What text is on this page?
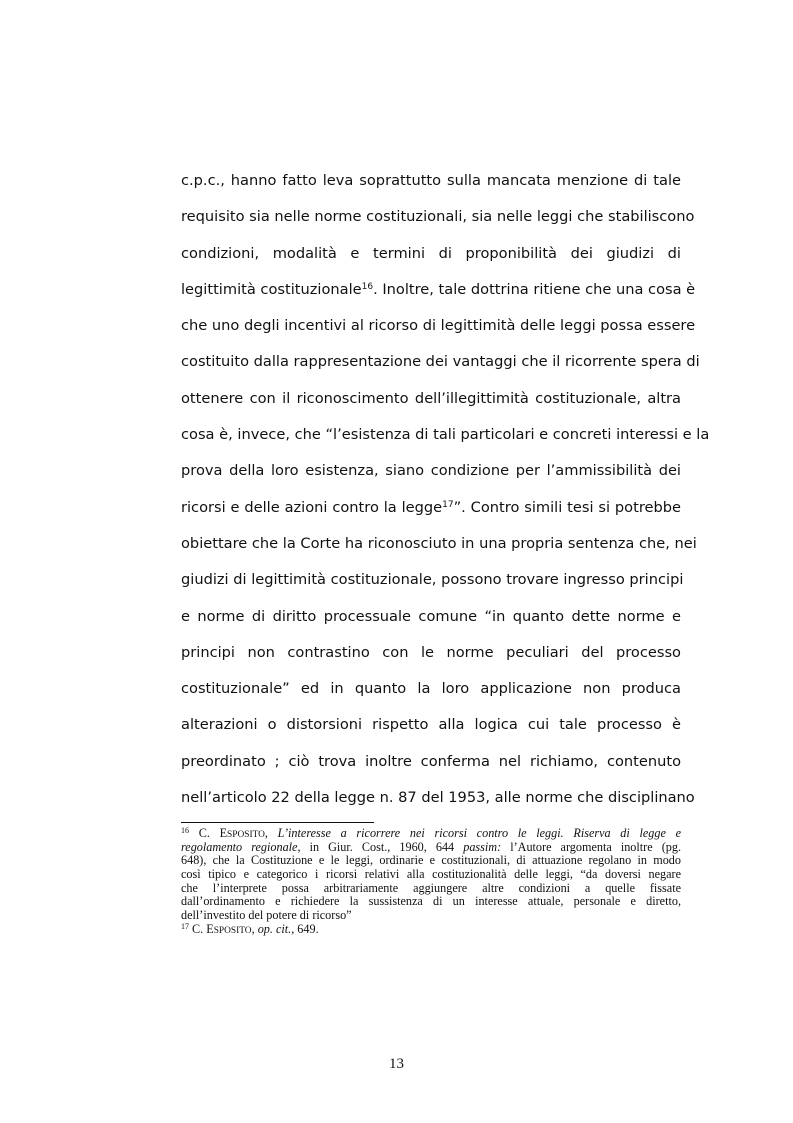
c.p.c., hanno fatto leva soprattutto sulla mancata menzione di tale
requisito sia nelle norme costituzionali, sia nelle leggi che stabiliscono
condizioni, modalità e termini di proponibilità dei giudizi di
legittimità costituzionale$^{16}$. Inoltre, tale dottrina ritiene che una cosa è
che uno degli incentivi al ricorso di legittimità delle leggi possa essere
costituito dalla rappresentazione dei vantaggi che il ricorrente spera di
ottenere con il riconoscimento dell’illegittimità costituzionale, altra
cosa è, invece, che “l’esistenza di tali particolari e concreti interessi e la
prova della loro esistenza, siano condizione per l’ammissibilità dei
ricorsi e delle azioni contro la legge$^{17}$”. Contro simili tesi si potrebbe
obiettare che la Corte ha riconosciuto in una propria sentenza che, nei
giudizi di legittimità costituzionale, possono trovare ingresso principi
e norme di diritto processuale comune “in quanto dette norme e
principi non contrastino con le norme peculiari del processo
costituzionale” ed in quanto la loro applicazione non produca
alterazioni o distorsioni rispetto alla logica cui tale processo è
preordinato ; ciò trova inoltre conferma nel richiamo, contenuto
nell’articolo 22 della legge n. 87 del 1953, alle norme che disciplinano
$^{16}$ C. ESPOSITO, L’interesse a ricorrere nei ricorsi contro le leggi. Riserva di legge e
regolamento regionale, in Giur. Cost., 1960, 644 passim: l’Autore argomenta inoltre (pg.
648), che la Costituzione e le leggi, ordinarie e costituzionali, di attuazione regolano in modo
così tipico e categorico i ricorsi relativi alla costituzionalità delle leggi, “da doversi negare
che l’interprete possa arbitrariamente aggiungere altre condizioni a quelle fissate
dall’ordinamento e richiedere la sussistenza di un interesse attuale, personale e diretto,
dell’investito del potere di ricorso”
$^{17}$ C. ESPOSITO, op. cit., 649.
13
